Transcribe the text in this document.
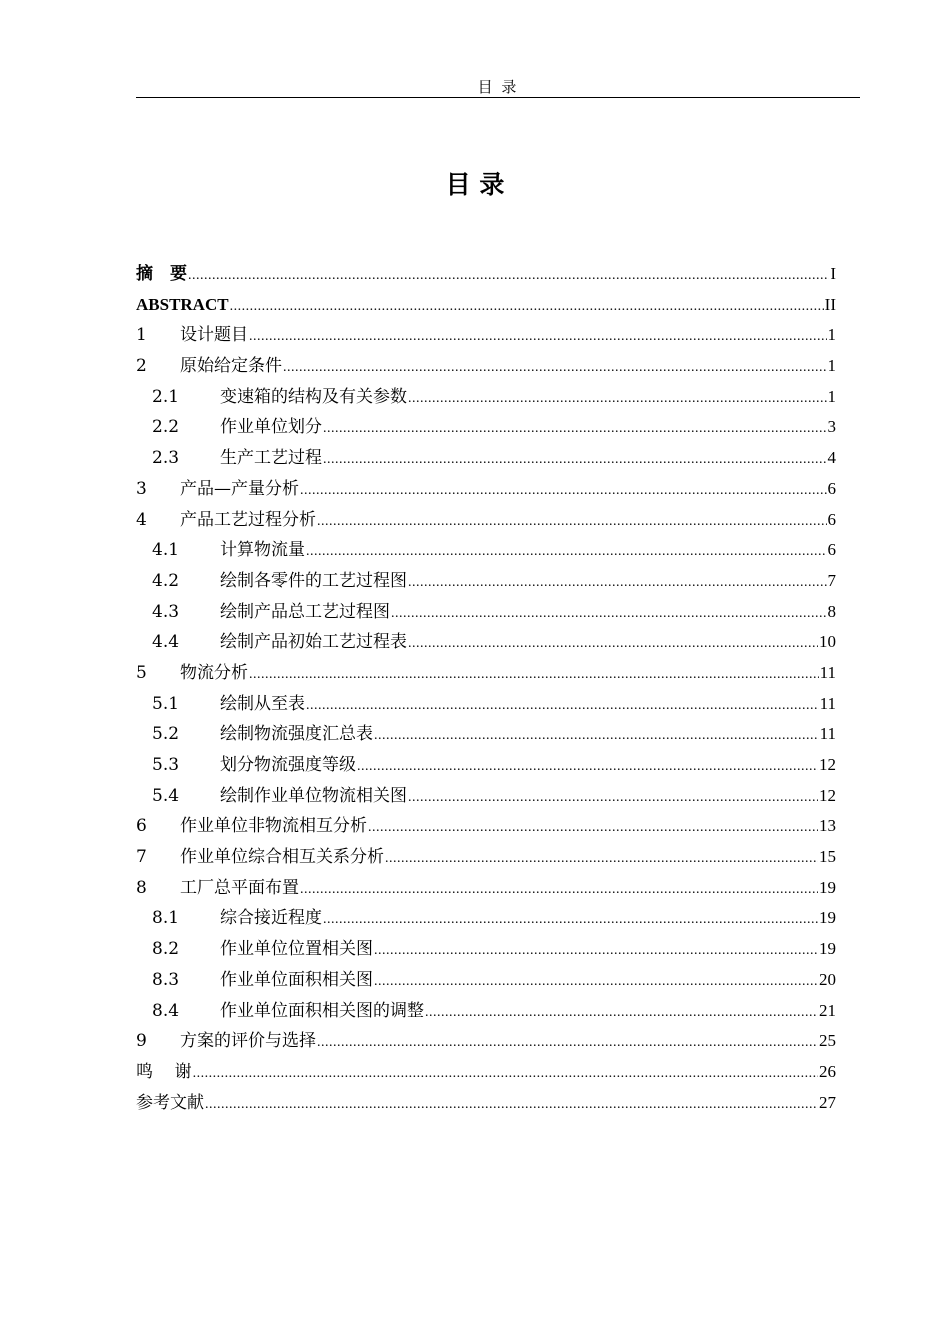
目 录
目 录
摘    要 .....	I
ABSTRACT .....	II
1	设计题目 .....	1
2	原始给定条件 .....	1
2.1	变速箱的结构及有关参数 .....	1
2.2	作业单位划分 .....	3
2.3	生产工艺过程 .....	4
3	产品—产量分析 .....	6
4	产品工艺过程分析 .....	6
4.1	计算物流量 .....	6
4.2	绘制各零件的工艺过程图 .....	7
4.3	绘制产品总工艺过程图 .....	8
4.4	绘制产品初始工艺过程表 .....	10
5	物流分析 .....	11
5.1	绘制从至表 .....	11
5.2	绘制物流强度汇总表 .....	11
5.3	划分物流强度等级 .....	12
5.4	绘制作业单位物流相关图 .....	12
6	作业单位非物流相互分析 .....	13
7	作业单位综合相互关系分析 .....	15
8	工厂总平面布置 .....	19
8.1	综合接近程度 .....	19
8.2	作业单位位置相关图 .....	19
8.3	作业单位面积相关图 .....	20
8.4	作业单位面积相关图的调整 .....	21
9	方案的评价与选择 .....	25
鸣    谢 .....	26
参考文献 .....	27
